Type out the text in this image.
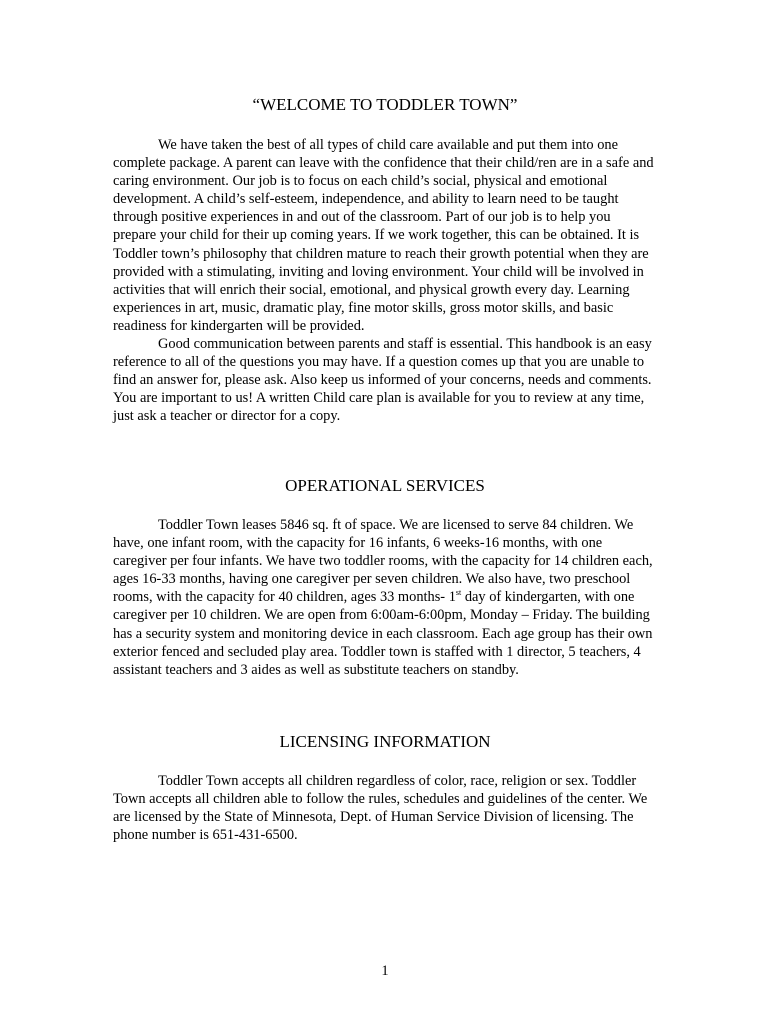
“WELCOME TO TODDLER TOWN”

We have taken the best of all types of child care available and put them into one complete package. A parent can leave with the confidence that their child/ren are in a safe and caring environment. Our job is to focus on each child’s social, physical and emotional development. A child’s self-esteem, independence, and ability to learn need to be taught through positive experiences in and out of the classroom. Part of our job is to help you prepare your child for their up coming years. If we work together, this can be obtained. It is Toddler town’s philosophy that children mature to reach their growth potential when they are provided with a stimulating, inviting and loving environment. Your child will be involved in activities that will enrich their social, emotional, and physical growth every day. Learning experiences in art, music, dramatic play, fine motor skills, gross motor skills, and basic readiness for kindergarten will be provided.

Good communication between parents and staff is essential. This handbook is an easy reference to all of the questions you may have. If a question comes up that you are unable to find an answer for, please ask. Also keep us informed of your concerns, needs and comments. You are important to us! A written Child care plan is available for you to review at any time, just ask a teacher or director for a copy.

OPERATIONAL SERVICES

Toddler Town leases 5846 sq. ft of space. We are licensed to serve 84 children. We have, one infant room, with the capacity for 16 infants, 6 weeks-16 months, with one caregiver per four infants. We have two toddler rooms, with the capacity for 14 children each, ages 16-33 months, having one caregiver per seven children. We also have, two preschool rooms, with the capacity for 40 children, ages 33 months- 1st day of kindergarten, with one caregiver per 10 children. We are open from 6:00am-6:00pm, Monday – Friday. The building has a security system and monitoring device in each classroom. Each age group has their own exterior fenced and secluded play area. Toddler town is staffed with 1 director, 5 teachers, 4 assistant teachers and 3 aides as well as substitute teachers on standby.

LICENSING INFORMATION

Toddler Town accepts all children regardless of color, race, religion or sex. Toddler Town accepts all children able to follow the rules, schedules and guidelines of the center. We are licensed by the State of Minnesota, Dept. of Human Service Division of licensing. The phone number is 651-431-6500.

1
